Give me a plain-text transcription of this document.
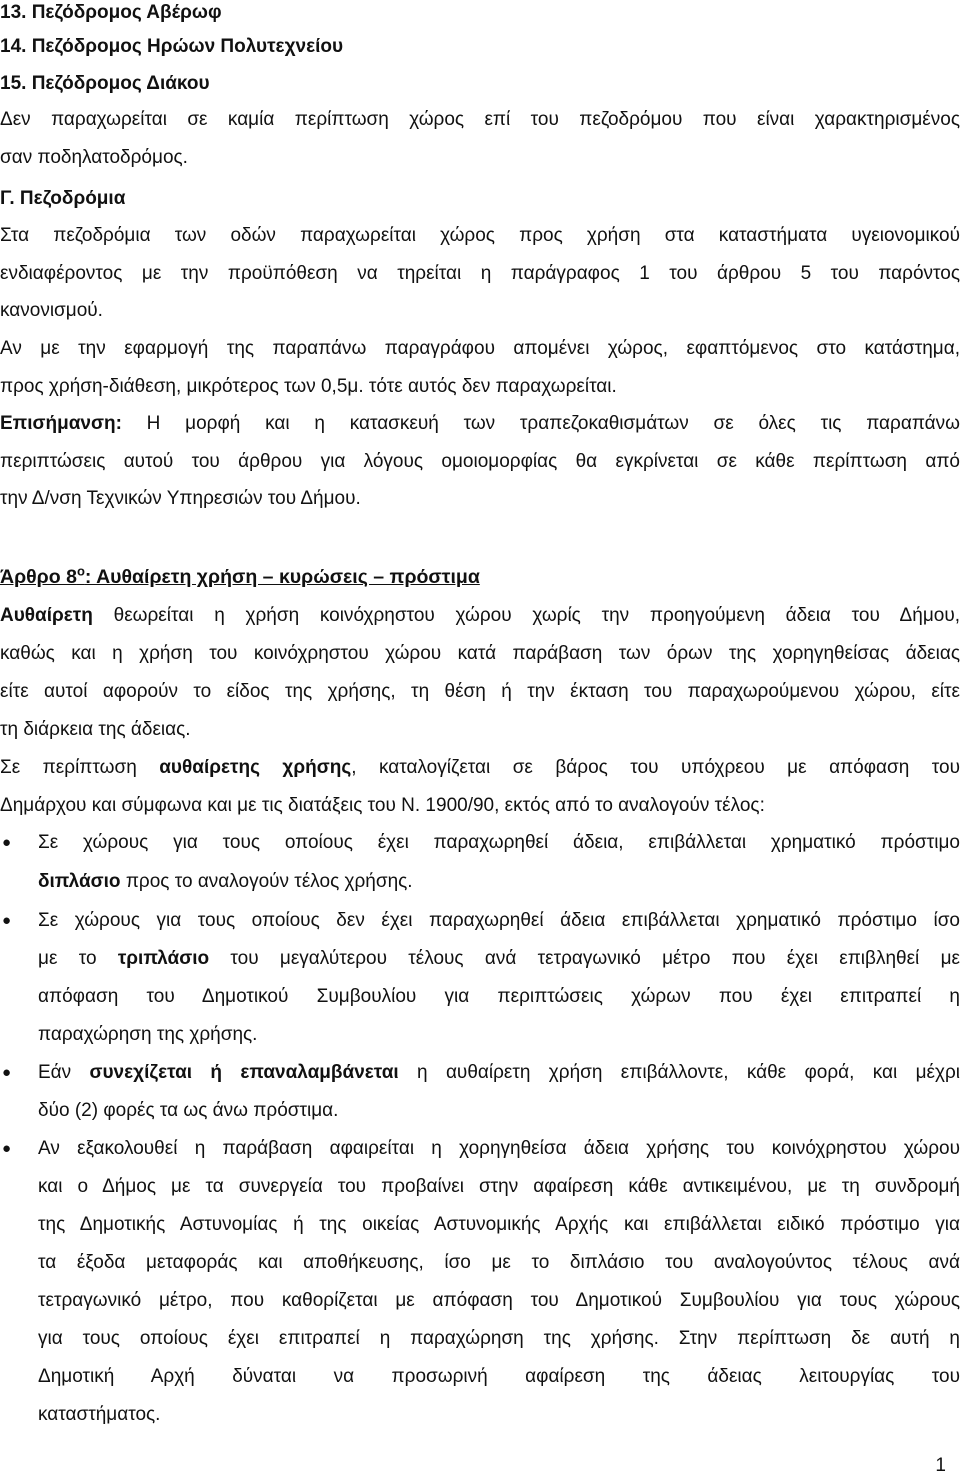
13. Πεζόδρομος Αβέρωφ
14. Πεζόδρομος Ηρώων Πολυτεχνείου
15. Πεζόδρομος Διάκου
Δεν παραχωρείται σε καμία περίπτωση χώρος επί του πεζοδρόμου που είναι χαρακτηρισμένος
σαν ποδηλατοδρόμος.
Γ. Πεζοδρόμια
Στα πεζοδρόμια των οδών παραχωρείται χώρος προς χρήση στα καταστήματα υγειονομικού
ενδιαφέροντος με την προϋπόθεση να τηρείται η παράγραφος 1 του άρθρου 5 του παρόντος
κανονισμού.
Αν με την εφαρμογή της παραπάνω παραγράφου απομένει χώρος, εφαπτόμενος στο κατάστημα,
προς χρήση-διάθεση, μικρότερος των 0,5μ. τότε αυτός δεν παραχωρείται.
Επισήμανση: Η μορφή και η κατασκευή των τραπεζοκαθισμάτων σε όλες τις παραπάνω
περιπτώσεις αυτού του άρθρου για λόγους ομοιομορφίας θα εγκρίνεται σε κάθε περίπτωση από
την Δ/νση Τεχνικών Υπηρεσιών του Δήμου.
Άρθρο $8^o$: Αυθαίρετη χρήση – κυρώσεις – πρόστιμα
Αυθαίρετη θεωρείται η χρήση κοινόχρηστου χώρου χωρίς την προηγούμενη άδεια του Δήμου,
καθώς και η χρήση του κοινόχρηστου χώρου κατά παράβαση των όρων της χορηγηθείσας άδειας
είτε αυτοί αφορούν το είδος της χρήσης, τη θέση ή την έκταση του παραχωρούμενου χώρου, είτε
τη διάρκεια της άδειας.
Σε περίπτωση αυθαίρετης χρήσης, καταλογίζεται σε βάρος του υπόχρεου με απόφαση του
Δημάρχου και σύμφωνα και με τις διατάξεις του Ν. 1900/90, εκτός από το αναλογούν τέλος:
● Σε χώρους για τους οποίους έχει παραχωρηθεί άδεια, επιβάλλεται χρηματικό πρόστιμο
διπλάσιο προς το αναλογούν τέλος χρήσης.
● Σε χώρους για τους οποίους δεν έχει παραχωρηθεί άδεια επιβάλλεται χρηματικό πρόστιμο ίσο
με το τριπλάσιο του μεγαλύτερου τέλους ανά τετραγωνικό μέτρο που έχει επιβληθεί με
απόφαση του Δημοτικού Συμβουλίου για περιπτώσεις χώρων που έχει επιτραπεί η
παραχώρηση της χρήσης.
● Εάν συνεχίζεται ή επαναλαμβάνεται η αυθαίρετη χρήση επιβάλλοντε, κάθε φορά, και μέχρι
δύο (2) φορές τα ως άνω πρόστιμα.
● Αν εξακολουθεί η παράβαση αφαιρείται η χορηγηθείσα άδεια χρήσης του κοινόχρηστου χώρου
και ο Δήμος με τα συνεργεία του προβαίνει στην αφαίρεση κάθε αντικειμένου, με τη συνδρομή
της Δημοτικής Αστυνομίας ή της οικείας Αστυνομικής Αρχής και επιβάλλεται ειδικό πρόστιμο για
τα έξοδα μεταφοράς και αποθήκευσης, ίσο με το διπλάσιο του αναλογούντος τέλους ανά
τετραγωνικό μέτρο, που καθορίζεται με απόφαση του Δημοτικού Συμβουλίου για τους χώρους
για τους οποίους έχει επιτραπεί η παραχώρηση της χρήσης. Στην περίπτωση δε αυτή η
Δημοτική Αρχή δύναται να προσωρινή αφαίρεση της άδειας λειτουργίας του
καταστήματος.
1
